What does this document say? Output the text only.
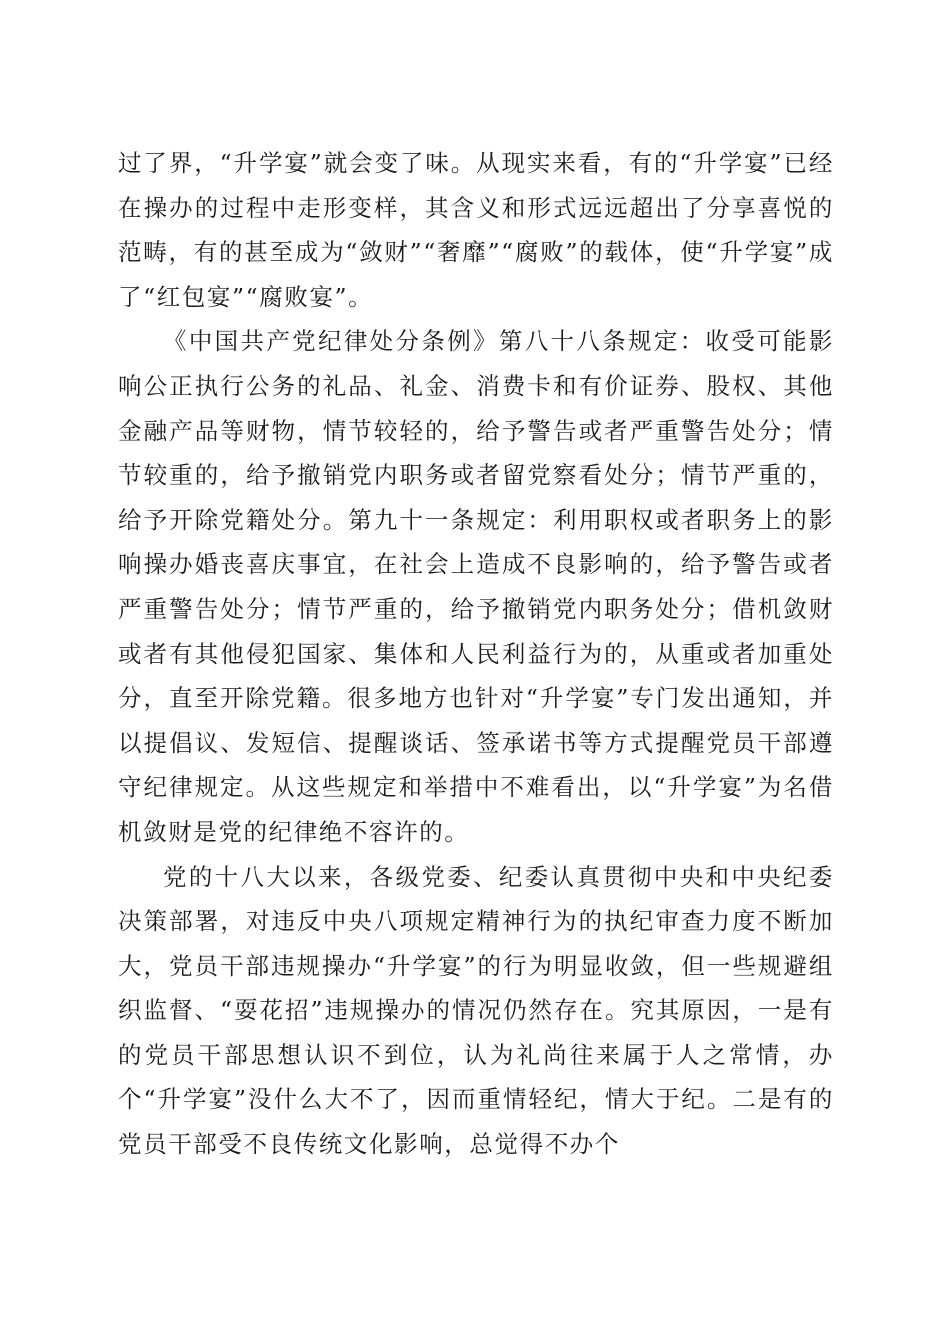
过了界，“升学宴”就会变了味。从现实来看，有的“升学宴”已经在操办的过程中走形变样，其含义和形式远远超出了分享喜悦的范畴，有的甚至成为“敛财”“奢靡”“腐败”的载体，使“升学宴”成了“红包宴”“腐败宴”。

《中国共产党纪律处分条例》第八十八条规定：收受可能影响公正执行公务的礼品、礼金、消费卡和有价证券、股权、其他金融产品等财物，情节较轻的，给予警告或者严重警告处分；情节较重的，给予撤销党内职务或者留党察看处分；情节严重的，给予开除党籍处分。第九十一条规定：利用职权或者职务上的影响操办婚丧喜庆事宜，在社会上造成不良影响的，给予警告或者严重警告处分；情节严重的，给予撤销党内职务处分；借机敛财或者有其他侵犯国家、集体和人民利益行为的，从重或者加重处分，直至开除党籍。很多地方也针对“升学宴”专门发出通知，并以提倡议、发短信、提醒谈话、签承诺书等方式提醒党员干部遵守纪律规定。从这些规定和举措中不难看出，以“升学宴”为名借机敛财是党的纪律绝不容许的。

党的十八大以来，各级党委、纪委认真贯彻中央和中央纪委决策部署，对违反中央八项规定精神行为的执纪审查力度不断加大，党员干部违规操办“升学宴”的行为明显收敛，但一些规避组织监督、“耍花招”违规操办的情况仍然存在。究其原因，一是有的党员干部思想认识不到位，认为礼尚往来属于人之常情，办个“升学宴”没什么大不了，因而重情轻纪，情大于纪。二是有的党员干部受不良传统文化影响，总觉得不办个
